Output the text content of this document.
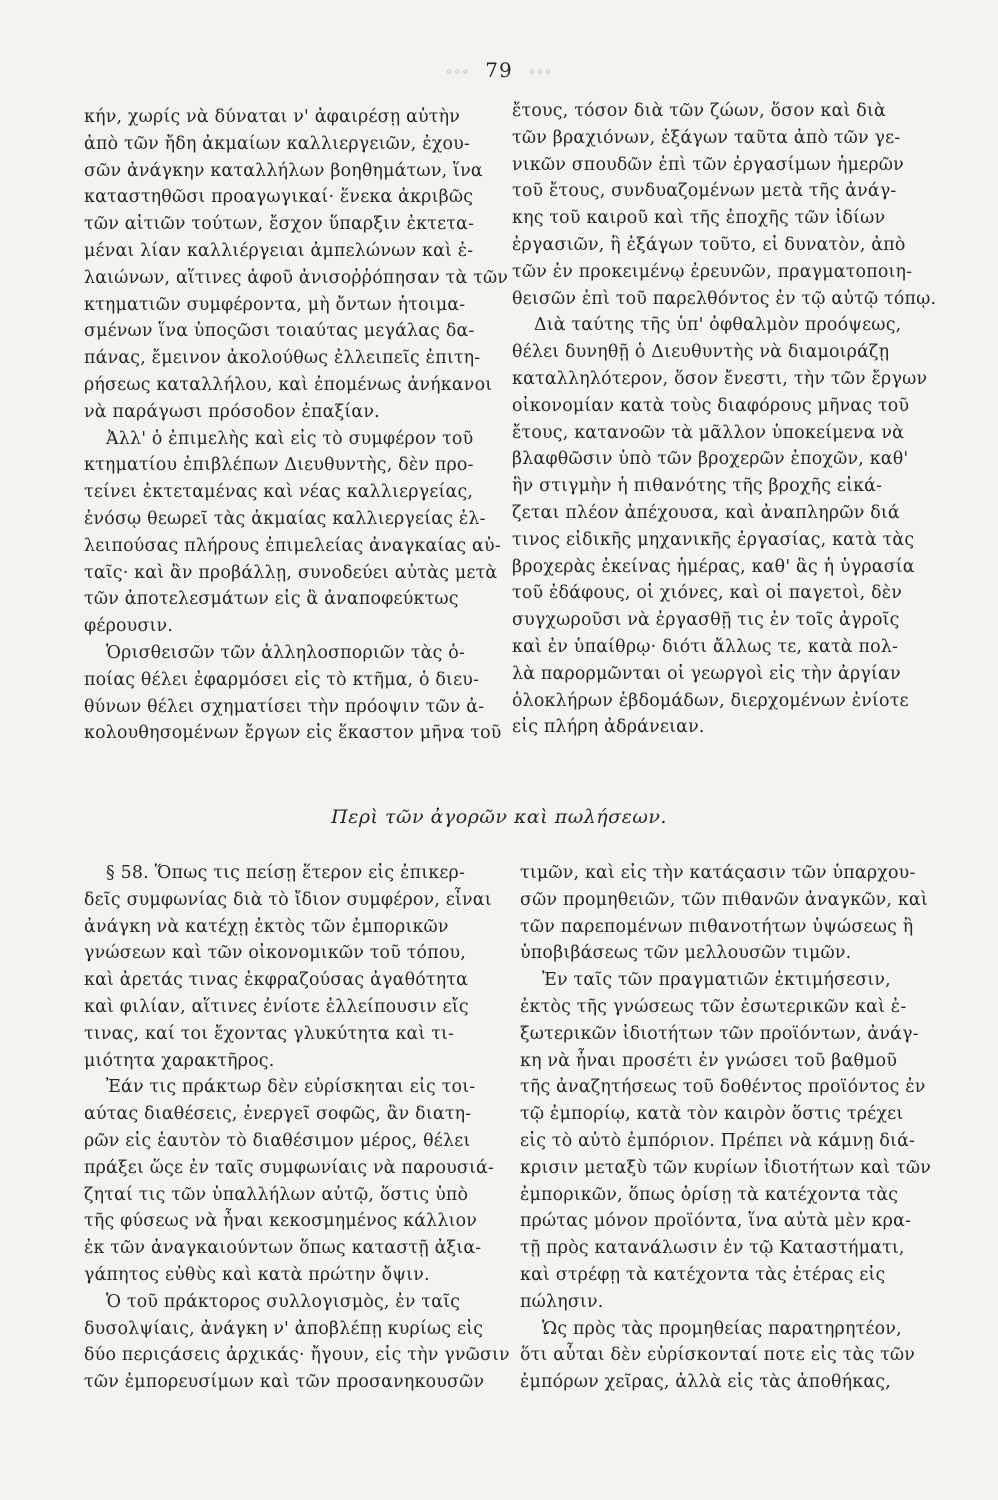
◦◦◦ 79 ◦◦◦
κήν, χωρίς νὰ δύναται ν' ἀφαιρέσῃ αὐτὴν
ἀπὸ τῶν ἤδη ἀκμαίων καλλιεργειῶν, ἐχου-
σῶν ἀνάγκην καταλλήλων βοηθημάτων, ἵνα
καταστηθῶσι προαγωγικαί· ἕνεκα ἀκριβῶς
τῶν αἰτιῶν τούτων, ἔσχον ὕπαρξιν ἐκτετα-
μέναι λίαν καλλιέργειαι ἀμπελώνων καὶ ἐ-
λαιώνων, αἵτινες ἀφοῦ ἀνισοῤῥόπησαν τὰ τῶν
κτηματιῶν συμφέροντα, μὴ ὄντων ἡτοιμα-
σμένων ἵνα ὑποςῶσι τοιαύτας μεγάλας δα-
πάνας, ἔμεινον ἀκολούθως ἐλλειπεῖς ἐπιτη-
ρήσεως καταλλήλου, καὶ ἐπομένως ἀνήκανοι
νὰ παράγωσι πρόσοδον ἐπαξίαν.
Ἀλλ' ὁ ἐπιμελὴς καὶ εἰς τὸ συμφέρον τοῦ
κτηματίου ἐπιβλέπων Διευθυντὴς, δὲν προ-
τείνει ἐκτεταμένας καὶ νέας καλλιεργείας,
ἐνόσῳ θεωρεῖ τὰς ἀκμαίας καλλιεργείας ἐλ-
λειπούσας πλήρους ἐπιμελείας ἀναγκαίας αὐ-
ταῖς· καὶ ἂν προβάλλῃ, συνοδεύει αὐτὰς μετὰ
τῶν ἀποτελεσμάτων εἰς ἃ ἀναποφεύκτως
φέρουσιν.
Ὁρισθεισῶν τῶν ἀλληλοσποριῶν τὰς ὁ-
ποίας θέλει ἐφαρμόσει εἰς τὸ κτῆμα, ὁ διευ-
θύνων θέλει σχηματίσει τὴν πρόοψιν τῶν ἀ-
κολουθησομένων ἔργων εἰς ἕκαστον μῆνα τοῦ
ἔτους, τόσον διὰ τῶν ζώων, ὅσον καὶ διὰ
τῶν βραχιόνων, ἐξάγων ταῦτα ἀπὸ τῶν γε-
νικῶν σπουδῶν ἐπὶ τῶν ἐργασίμων ἡμερῶν
τοῦ ἔτους, συνδυαζομένων μετὰ τῆς ἀνάγ-
κης τοῦ καιροῦ καὶ τῆς ἐποχῆς τῶν ἰδίων
ἐργασιῶν, ἢ ἐξάγων τοῦτο, εἰ δυνατὸν, ἀπὸ
τῶν ἐν προκειμένῳ ἐρευνῶν, πραγματοποιη-
θεισῶν ἐπὶ τοῦ παρελθόντος ἐν τῷ αὐτῷ τόπῳ.
Διὰ ταύτης τῆς ὑπ' ὀφθαλμὸν προόψεως,
θέλει δυνηθῇ ὁ Διευθυντὴς νὰ διαμοιράζῃ
καταλληλότερον, ὅσον ἔνεστι, τὴν τῶν ἔργων
οἰκονομίαν κατὰ τοὺς διαφόρους μῆνας τοῦ
ἔτους, κατανοῶν τὰ μᾶλλον ὑποκείμενα νὰ
βλαφθῶσιν ὑπὸ τῶν βροχερῶν ἐποχῶν, καθ'
ἣν στιγμὴν ἡ πιθανότης τῆς βροχῆς εἰκά-
ζεται πλέον ἀπέχουσα, καὶ ἀναπληρῶν διά
τινος εἰδικῆς μηχανικῆς ἐργασίας, κατὰ τὰς
βροχερὰς ἐκείνας ἡμέρας, καθ' ἃς ἡ ὑγρασία
τοῦ ἐδάφους, οἱ χιόνες, καὶ οἱ παγετοὶ, δὲν
συγχωροῦσι νὰ ἐργασθῇ τις ἐν τοῖς ἀγροῖς
καὶ ἐν ὑπαίθρῳ· διότι ἄλλως τε, κατὰ πολ-
λὰ παρορμῶνται οἱ γεωργοὶ εἰς τὴν ἀργίαν
ὁλοκλήρων ἑβδομάδων, διερχομένων ἐνίοτε
εἰς πλήρη ἀδράνειαν.
Περὶ τῶν ἀγορῶν καὶ πωλήσεων.
§ 58. Ὅπως τις πείσῃ ἕτερον εἰς ἐπικερ-
δεῖς συμφωνίας διὰ τὸ ἴδιον συμφέρον, εἶναι
ἀνάγκη νὰ κατέχῃ ἐκτὸς τῶν ἐμπορικῶν
γνώσεων καὶ τῶν οἰκονομικῶν τοῦ τόπου,
καὶ ἀρετάς τινας ἐκφραζούσας ἀγαθότητα
καὶ φιλίαν, αἵτινες ἐνίοτε ἐλλείπουσιν εἴς
τινας, καί τοι ἔχοντας γλυκύτητα καὶ τι-
μιότητα χαρακτῆρος.
Ἐάν τις πράκτωρ δὲν εὑρίσκηται εἰς τοι-
αύτας διαθέσεις, ἐνεργεῖ σοφῶς, ἂν διατη-
ρῶν εἰς ἑαυτὸν τὸ διαθέσιμον μέρος, θέλει
πράξει ὥςε ἐν ταῖς συμφωνίαις νὰ παρουσιά-
ζηταί τις τῶν ὑπαλλήλων αὐτῷ, ὅστις ὑπὸ
τῆς φύσεως νὰ ἦναι κεκοσμημένος κάλλιον
ἐκ τῶν ἀναγκαιούντων ὅπως καταστῇ ἀξια-
γάπητος εὐθὺς καὶ κατὰ πρώτην ὄψιν.
Ὁ τοῦ πράκτορος συλλογισμὸς, ἐν ταῖς
δυσολψίαις, ἀνάγκη ν' ἀποβλέπῃ κυρίως εἰς
δύο περιςάσεις ἀρχικάς· ἤγουν, εἰς τὴν γνῶσιν
τῶν ἐμπορευσίμων καὶ τῶν προσανηκουσῶν
τιμῶν, καὶ εἰς τὴν κατάςασιν τῶν ὑπαρχου-
σῶν προμηθειῶν, τῶν πιθανῶν ἀναγκῶν, καὶ
τῶν παρεπομένων πιθανοτήτων ὑψώσεως ἢ
ὑποβιβάσεως τῶν μελλουσῶν τιμῶν.
Ἐν ταῖς τῶν πραγματιῶν ἐκτιμήσεσιν,
ἐκτὸς τῆς γνώσεως τῶν ἐσωτερικῶν καὶ ἐ-
ξωτερικῶν ἰδιοτήτων τῶν προϊόντων, ἀνάγ-
κη νὰ ἦναι προσέτι ἐν γνώσει τοῦ βαθμοῦ
τῆς ἀναζητήσεως τοῦ δοθέντος προϊόντος ἐν
τῷ ἐμπορίῳ, κατὰ τὸν καιρὸν ὅστις τρέχει
εἰς τὸ αὐτὸ ἐμπόριον. Πρέπει νὰ κάμνῃ διά-
κρισιν μεταξὺ τῶν κυρίων ἰδιοτήτων καὶ τῶν
ἐμπορικῶν, ὅπως ὁρίσῃ τὰ κατέχοντα τὰς
πρώτας μόνον προϊόντα, ἵνα αὐτὰ μὲν κρα-
τῇ πρὸς κατανάλωσιν ἐν τῷ Καταστήματι,
καὶ στρέφῃ τὰ κατέχοντα τὰς ἑτέρας εἰς
πώλησιν.
Ὡς πρὸς τὰς προμηθείας παρατηρητέον,
ὅτι αὗται δὲν εὑρίσκονταί ποτε εἰς τὰς τῶν
ἐμπόρων χεῖρας, ἀλλὰ εἰς τὰς ἀποθήκας,
